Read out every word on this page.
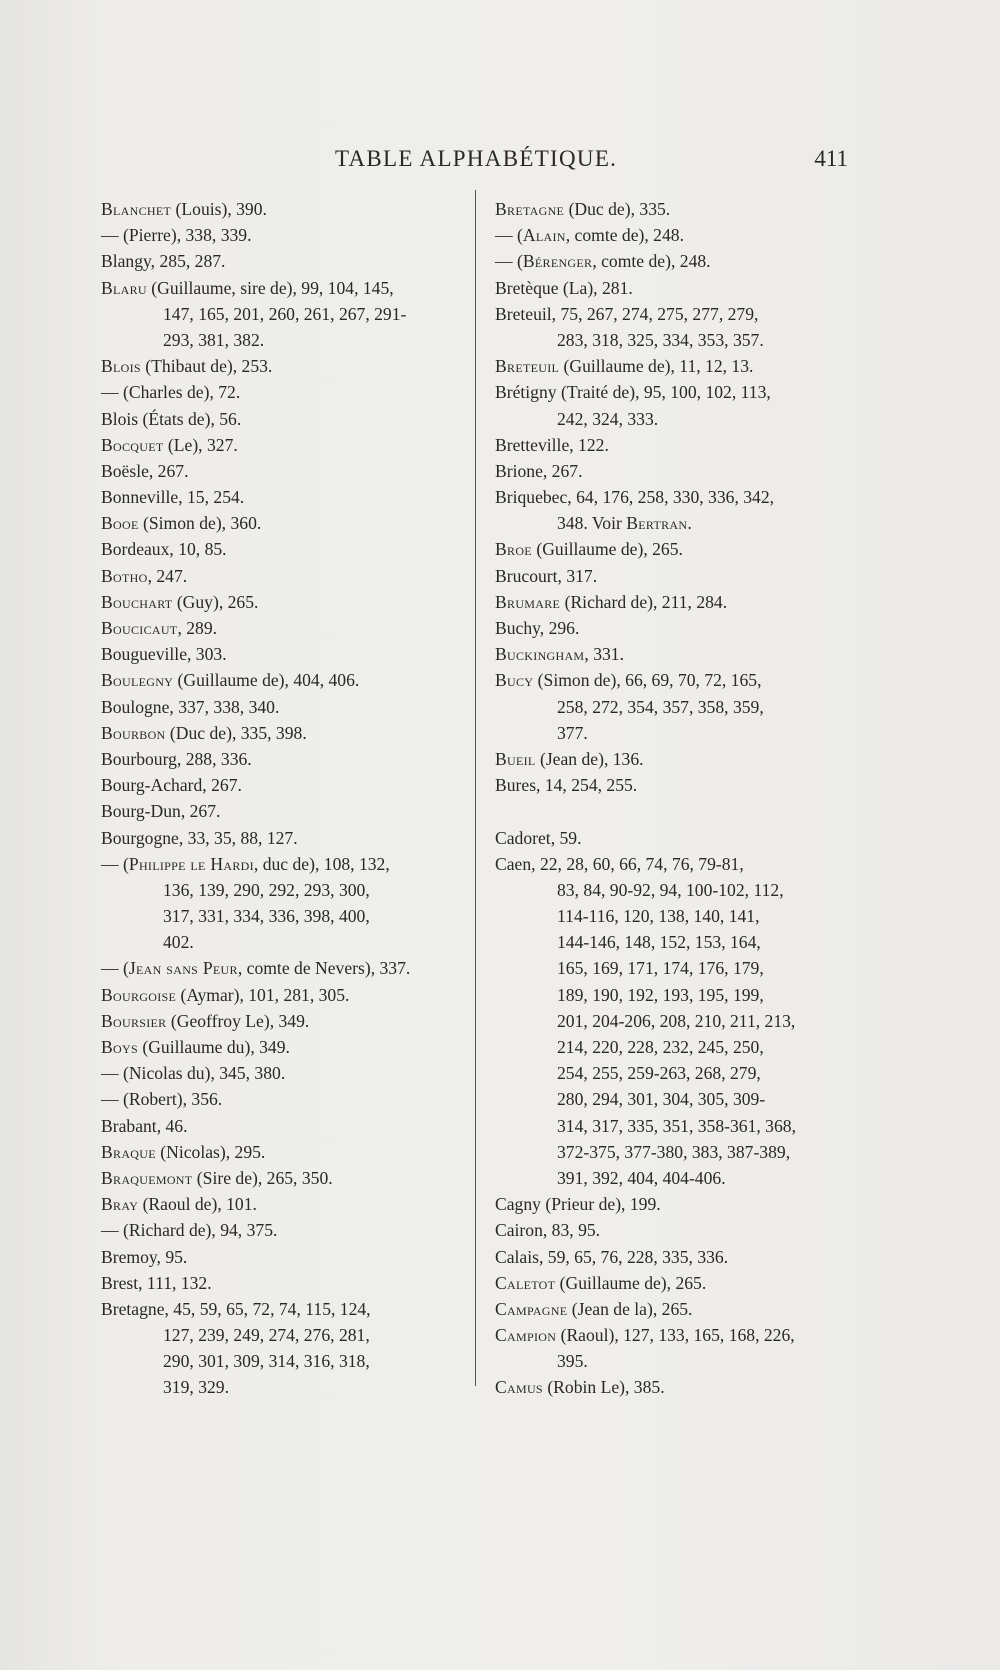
TABLE ALPHABÉTIQUE.	411
Blanchet (Louis), 390.
— (Pierre), 338, 339.
Blangy, 285, 287.
Blaru (Guillaume, sire de), 99, 104, 145,
147, 165, 201, 260, 261, 267, 291-
293, 381, 382.
Blois (Thibaut de), 253.
— (Charles de), 72.
Blois (États de), 56.
Bocquet (Le), 327.
Boësle, 267.
Bonneville, 15, 254.
Booe (Simon de), 360.
Bordeaux, 10, 85.
Botho, 247.
Bouchart (Guy), 265.
Boucicaut, 289.
Bougueville, 303.
Boulegny (Guillaume de), 404, 406.
Boulogne, 337, 338, 340.
Bourbon (Duc de), 335, 398.
Bourbourg, 288, 336.
Bourg-Achard, 267.
Bourg-Dun, 267.
Bourgogne, 33, 35, 88, 127.
— (Philippe le Hardi, duc de), 108, 132,
136, 139, 290, 292, 293, 300,
317, 331, 334, 336, 398, 400,
402.
— (Jean sans Peur, comte de Nevers), 337.
Bourgoise (Aymar), 101, 281, 305.
Boursier (Geoffroy Le), 349.
Boys (Guillaume du), 349.
— (Nicolas du), 345, 380.
— (Robert), 356.
Brabant, 46.
Braque (Nicolas), 295.
Braquemont (Sire de), 265, 350.
Bray (Raoul de), 101.
— (Richard de), 94, 375.
Bremoy, 95.
Brest, 111, 132.
Bretagne, 45, 59, 65, 72, 74, 115, 124,
127, 239, 249, 274, 276, 281,
290, 301, 309, 314, 316, 318,
319, 329.
Bretagne (Duc de), 335.
— (Alain, comte de), 248.
— (Bérenger, comte de), 248.
Bretèque (La), 281.
Breteuil, 75, 267, 274, 275, 277, 279,
283, 318, 325, 334, 353, 357.
Breteuil (Guillaume de), 11, 12, 13.
Brétigny (Traité de), 95, 100, 102, 113,
242, 324, 333.
Bretteville, 122.
Brione, 267.
Briquebec, 64, 176, 258, 330, 336, 342,
348. Voir Bertran.
Broe (Guillaume de), 265.
Brucourt, 317.
Brumare (Richard de), 211, 284.
Buchy, 296.
Buckingham, 331.
Bucy (Simon de), 66, 69, 70, 72, 165,
258, 272, 354, 357, 358, 359,
377.
Bueil (Jean de), 136.
Bures, 14, 254, 255.
Cadoret, 59.
Caen, 22, 28, 60, 66, 74, 76, 79-81,
83, 84, 90-92, 94, 100-102, 112,
114-116, 120, 138, 140, 141,
144-146, 148, 152, 153, 164,
165, 169, 171, 174, 176, 179,
189, 190, 192, 193, 195, 199,
201, 204-206, 208, 210, 211, 213,
214, 220, 228, 232, 245, 250,
254, 255, 259-263, 268, 279,
280, 294, 301, 304, 305, 309-
314, 317, 335, 351, 358-361, 368,
372-375, 377-380, 383, 387-389,
391, 392, 404, 404-406.
Cagny (Prieur de), 199.
Cairon, 83, 95.
Calais, 59, 65, 76, 228, 335, 336.
Caletot (Guillaume de), 265.
Campagne (Jean de la), 265.
Campion (Raoul), 127, 133, 165, 168, 226,
395.
Camus (Robin Le), 385.
